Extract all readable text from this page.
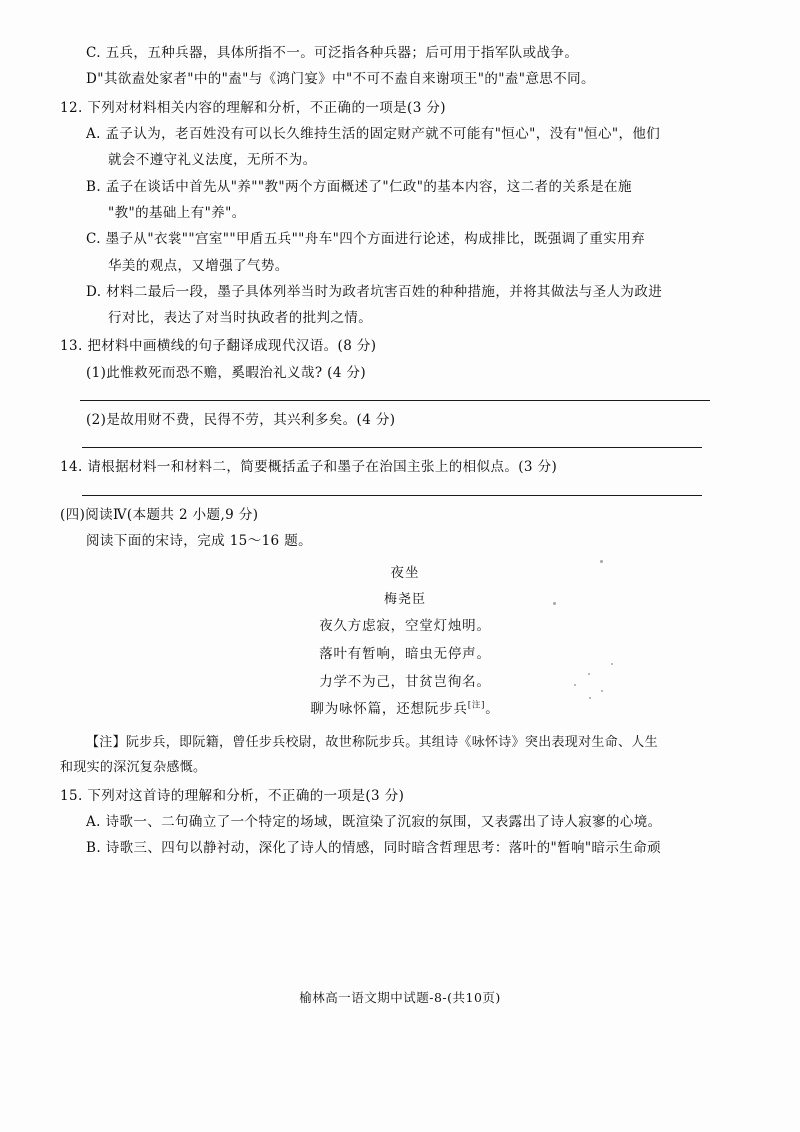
C. 五兵，五种兵器，具体所指不一。可泛指各种兵器；后可用于指军队或战争。
D"其欲盍处家者"中的"盍"与《鸿门宴》中"不可不盍自来谢项王"的"盍"意思不同。
12. 下列对材料相关内容的理解和分析，不正确的一项是(3 分)
A. 孟子认为，老百姓没有可以长久维持生活的固定财产就不可能有"恒心"，没有"恒心"，他们
就会不遵守礼义法度，无所不为。
B. 孟子在谈话中首先从"养""教"两个方面概述了"仁政"的基本内容，这二者的关系是在施
"教"的基础上有"养"。
C. 墨子从"衣裳""宫室""甲盾五兵""舟车"四个方面进行论述，构成排比，既强调了重实用弃
华美的观点，又增强了气势。
D. 材料二最后一段，墨子具体列举当时为政者坑害百姓的种种措施，并将其做法与圣人为政进
行对比，表达了对当时执政者的批判之情。
13. 把材料中画横线的句子翻译成现代汉语。(8 分)
(1)此惟救死而恐不赡，奚暇治礼义哉? (4 分)
(2)是故用财不费，民得不劳，其兴利多矣。(4 分)
14. 请根据材料一和材料二，简要概括孟子和墨子在治国主张上的相似点。(3 分)
(四)阅读Ⅳ(本题共 2 小题,9 分)
阅读下面的宋诗，完成 15～16 题。
夜坐
梅尧臣
夜久方虑寂，空堂灯烛明。
落叶有暂响，暗虫无停声。
力学不为己，甘贫岂徇名。
聊为咏怀篇，还想阮步兵[注]。
【注】阮步兵，即阮籍，曾任步兵校尉，故世称阮步兵。其组诗《咏怀诗》突出表现对生命、人生
和现实的深沉复杂感慨。
15. 下列对这首诗的理解和分析，不正确的一项是(3 分)
A. 诗歌一、二句确立了一个特定的场域，既渲染了沉寂的氛围，又表露出了诗人寂寥的心境。
B. 诗歌三、四句以静衬动，深化了诗人的情感，同时暗含哲理思考：落叶的"暂响"暗示生命顽
榆林高一语文期中试题-8-(共10页)
